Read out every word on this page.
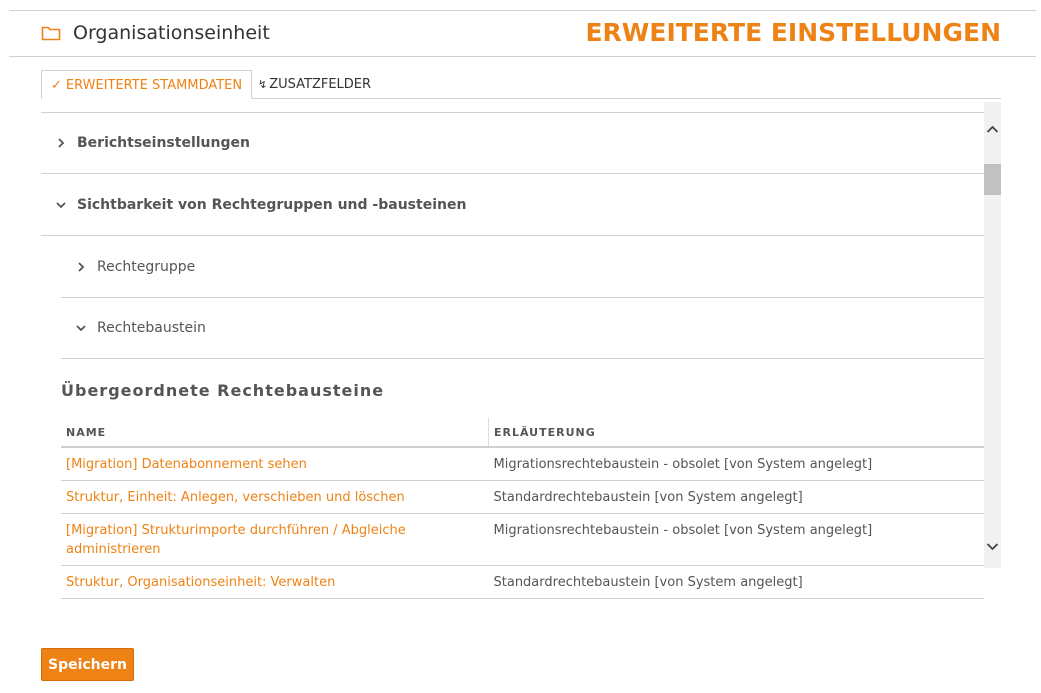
Organisationseinheit	ERWEITERTE EINSTELLUNGEN
✓ ERWEITERTE STAMMDATEN	↯ ZUSATZFELDER
Berichtseinstellungen
Sichtbarkeit von Rechtegruppen und -bausteinen
Rechtegruppe
Rechtebaustein
Übergeordnete Rechtebausteine
NAME	ERLÄUTERUNG
[Migration] Datenabonnement sehen	Migrationsrechtebaustein - obsolet [von System angelegt]
Struktur, Einheit: Anlegen, verschieben und löschen	Standardrechtebaustein [von System angelegt]
[Migration] Strukturimporte durchführen / Abgleiche administrieren	Migrationsrechtebaustein - obsolet [von System angelegt]
Struktur, Organisationseinheit: Verwalten	Standardrechtebaustein [von System angelegt]
Speichern
